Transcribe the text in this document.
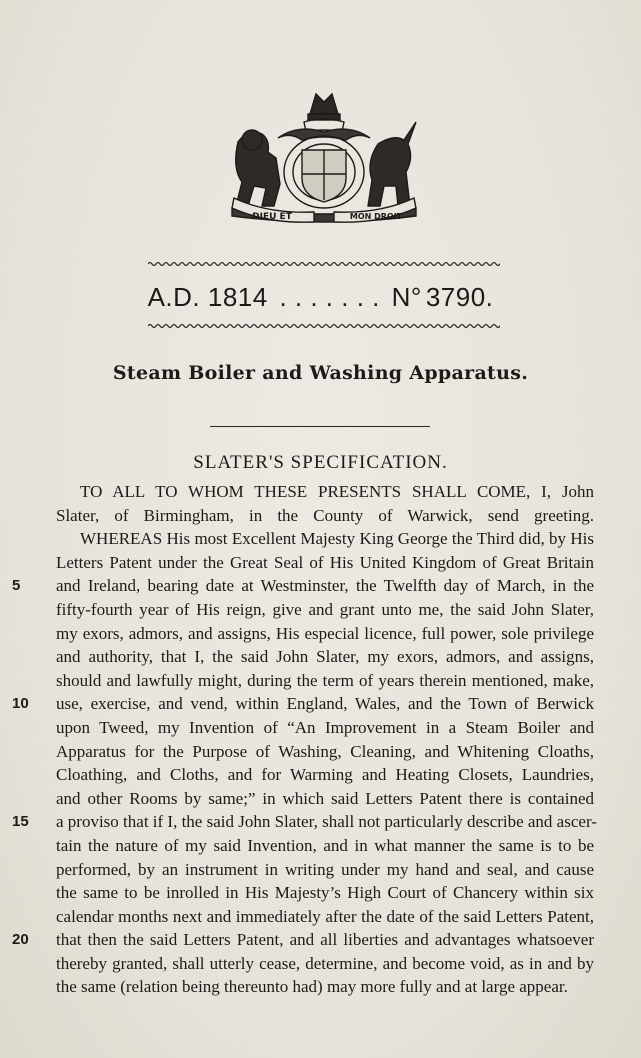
DIEU ET	MON DROIT
A.D. 1814 . . . . . . . N° 3790.
Steam Boiler and Washing Apparatus.
SLATER'S SPECIFICATION.
TO ALL TO WHOM THESE PRESENTS SHALL COME, I, John
Slater, of Birmingham, in the County of Warwick, send greeting.
WHEREAS His most Excellent Majesty King George the Third did, by His
Letters Patent under the Great Seal of His United Kingdom of Great Britain
5	and Ireland, bearing date at Westminster, the Twelfth day of March, in the
fifty-fourth year of His reign, give and grant unto me, the said John Slater,
my exors, admors, and assigns, His especial licence, full power, sole privilege
and authority, that I, the said John Slater, my exors, admors, and assigns,
should and lawfully might, during the term of years therein mentioned, make,
10	use, exercise, and vend, within England, Wales, and the Town of Berwick
upon Tweed, my Invention of “An Improvement in a Steam Boiler and
Apparatus for the Purpose of Washing, Cleaning, and Whitening Cloaths,
Cloathing, and Cloths, and for Warming and Heating Closets, Laundries,
and other Rooms by same;” in which said Letters Patent there is contained
15	a proviso that if I, the said John Slater, shall not particularly describe and ascer-
tain the nature of my said Invention, and in what manner the same is to be
performed, by an instrument in writing under my hand and seal, and cause
the same to be inrolled in His Majesty’s High Court of Chancery within six
calendar months next and immediately after the date of the said Letters Patent,
20	that then the said Letters Patent, and all liberties and advantages whatsoever
thereby granted, shall utterly cease, determine, and become void, as in and by
the same (relation being thereunto had) may more fully and at large appear.
